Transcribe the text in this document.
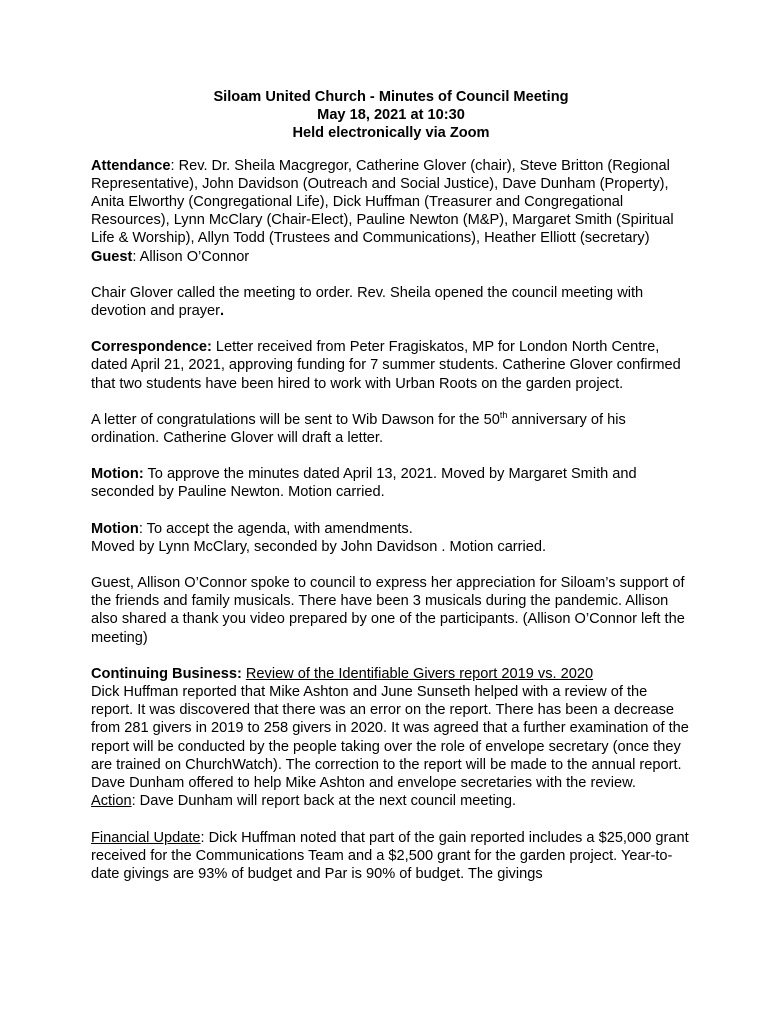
Siloam United Church - Minutes of Council Meeting
May 18, 2021 at 10:30
Held electronically via Zoom

Attendance: Rev. Dr. Sheila Macgregor, Catherine Glover (chair), Steve Britton (Regional Representative), John Davidson (Outreach and Social Justice), Dave Dunham (Property), Anita Elworthy (Congregational Life), Dick Huffman (Treasurer and Congregational Resources), Lynn McClary (Chair-Elect), Pauline Newton (M&P), Margaret Smith (Spiritual Life & Worship), Allyn Todd (Trustees and Communications), Heather Elliott (secretary)
Guest: Allison O’Connor

Chair Glover called the meeting to order. Rev. Sheila opened the council meeting with devotion and prayer.

Correspondence: Letter received from Peter Fragiskatos, MP for London North Centre, dated April 21, 2021, approving funding for 7 summer students. Catherine Glover confirmed that two students have been hired to work with Urban Roots on the garden project.

A letter of congratulations will be sent to Wib Dawson for the 50th anniversary of his ordination. Catherine Glover will draft a letter.

Motion: To approve the minutes dated April 13, 2021. Moved by Margaret Smith and seconded by Pauline Newton. Motion carried.

Motion: To accept the agenda, with amendments.
Moved by Lynn McClary, seconded by John Davidson . Motion carried.

Guest, Allison O’Connor spoke to council to express her appreciation for Siloam’s support of the friends and family musicals. There have been 3 musicals during the pandemic. Allison also shared a thank you video prepared by one of the participants. (Allison O’Connor left the meeting)

Continuing Business: Review of the Identifiable Givers report 2019 vs. 2020
Dick Huffman reported that Mike Ashton and June Sunseth helped with a review of the report. It was discovered that there was an error on the report. There has been a decrease from 281 givers in 2019 to 258 givers in 2020. It was agreed that a further examination of the report will be conducted by the people taking over the role of envelope secretary (once they are trained on ChurchWatch). The correction to the report will be made to the annual report. Dave Dunham offered to help Mike Ashton and envelope secretaries with the review.
Action: Dave Dunham will report back at the next council meeting.

Financial Update: Dick Huffman noted that part of the gain reported includes a $25,000 grant received for the Communications Team and a $2,500 grant for the garden project. Year-to-date givings are 93% of budget and Par is 90% of budget. The givings
